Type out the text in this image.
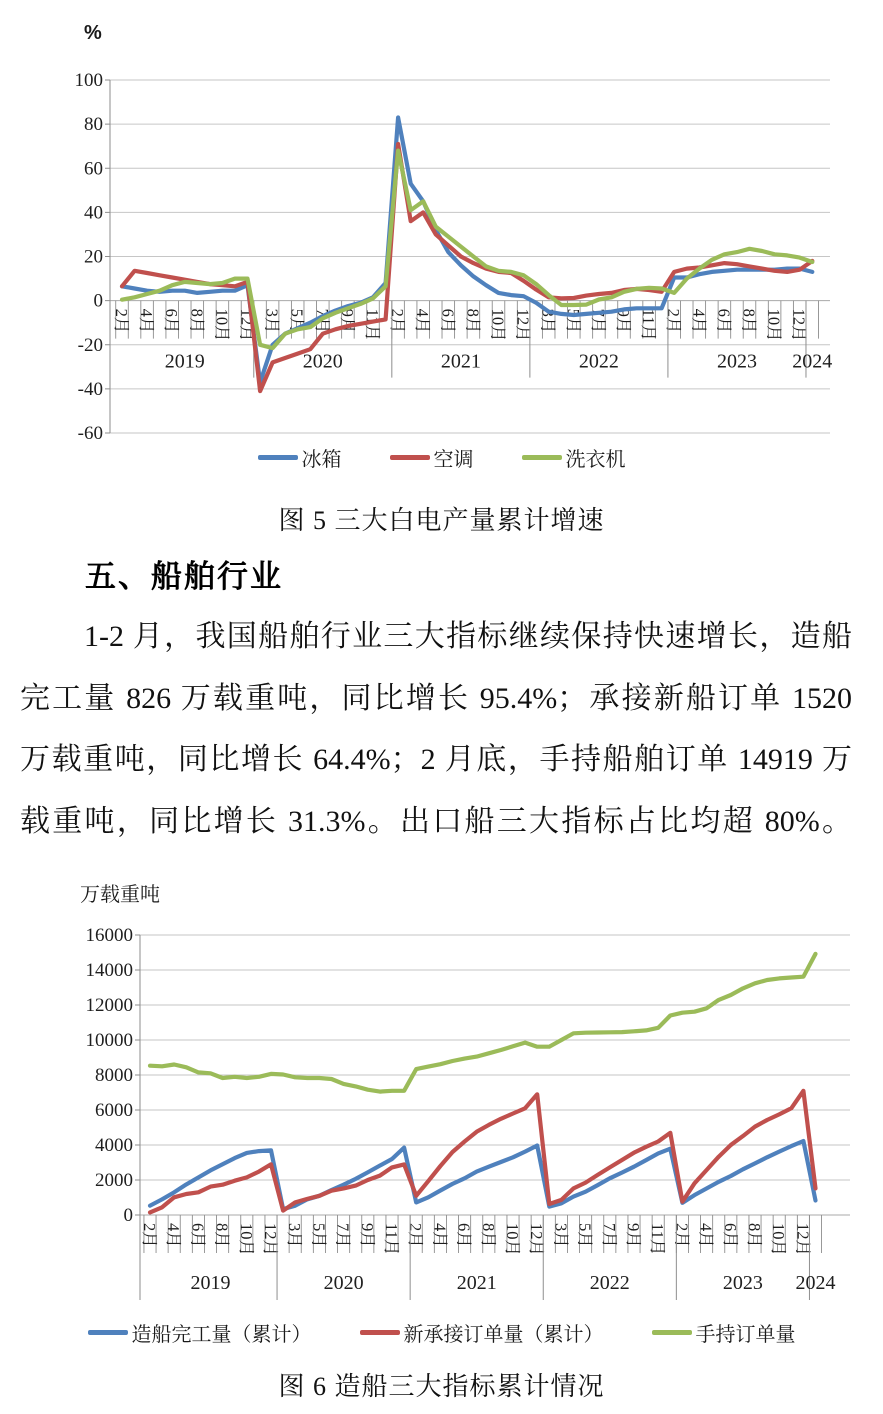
%
-60
-40
-20
0
20
40
60
80
100
2月 4月 6月 8月 10月 12月 3月 5月 7月 9月 11月 2月 4月 6月 8月 10月 12月 3月 5月 7月 9月 11月 2月 4月 6月 8月 10月 12月
2019	2020	2021	2022	2023 2024
冰箱	空调	洗衣机
图 5 三大白电产量累计增速
五、船舶行业
1-2 月，我国船舶行业三大指标继续保持快速增长，造船
完工量 826 万载重吨，同比增长 95.4%；承接新船订单 1520
万载重吨，同比增长 64.4%；2 月底，手持船舶订单 14919 万
载重吨，同比增长 31.3%。出口船三大指标占比均超 80%。
万载重吨
0
2000
4000
6000
8000
10000
12000
14000
16000
2月 4月 6月 8月 10月 12月 3月 5月 7月 9月 11月 2月 4月 6月 8月 10月 12月 3月 5月 7月 9月 11月 2月 4月 6月 8月 10月 12月
2019	2020	2021	2022	2023 2024
造船完工量（累计）	新承接订单量（累计）	手持订单量
图 6 造船三大指标累计情况
